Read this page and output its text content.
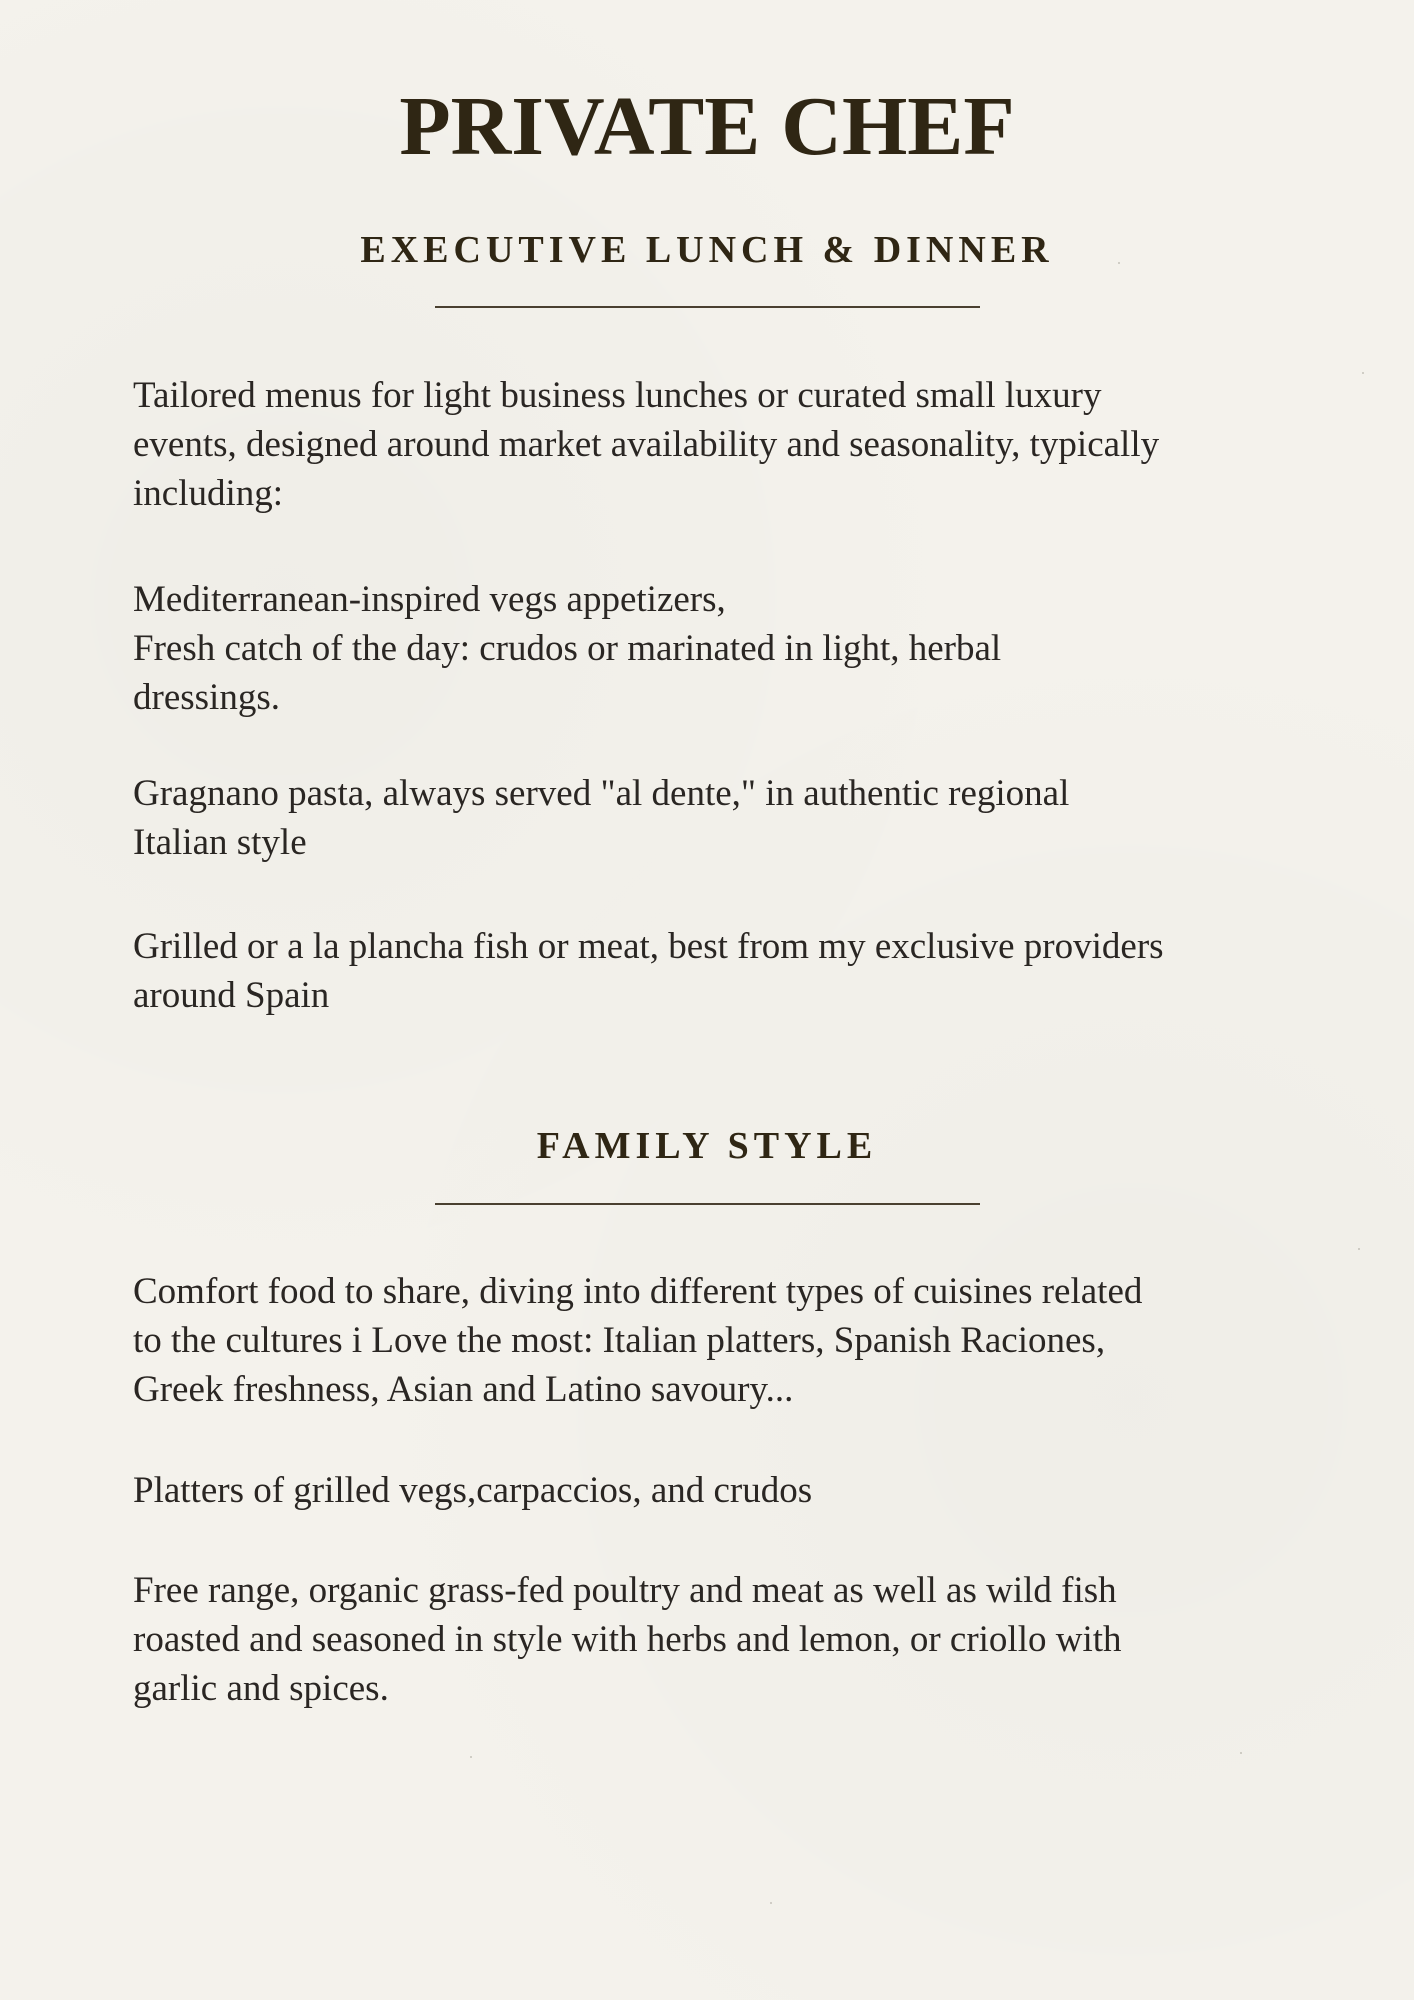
PRIVATE CHEF
EXECUTIVE LUNCH & DINNER

Tailored menus for light business lunches or curated small luxury
events, designed around market availability and seasonality, typically
including:

Mediterranean-inspired vegs appetizers,
Fresh catch of the day: crudos or marinated in light, herbal
dressings.

Gragnano pasta, always served "al dente," in authentic regional
Italian style

Grilled or a la plancha fish or meat, best from my exclusive providers
around Spain

FAMILY STYLE

Comfort food to share, diving into different types of cuisines related
to the cultures i Love the most: Italian platters, Spanish Raciones,
Greek freshness, Asian and Latino savoury...

Platters of grilled vegs,carpaccios, and crudos

Free range, organic grass-fed poultry and meat as well as wild fish
roasted and seasoned in style with herbs and lemon, or criollo with
garlic and spices.
